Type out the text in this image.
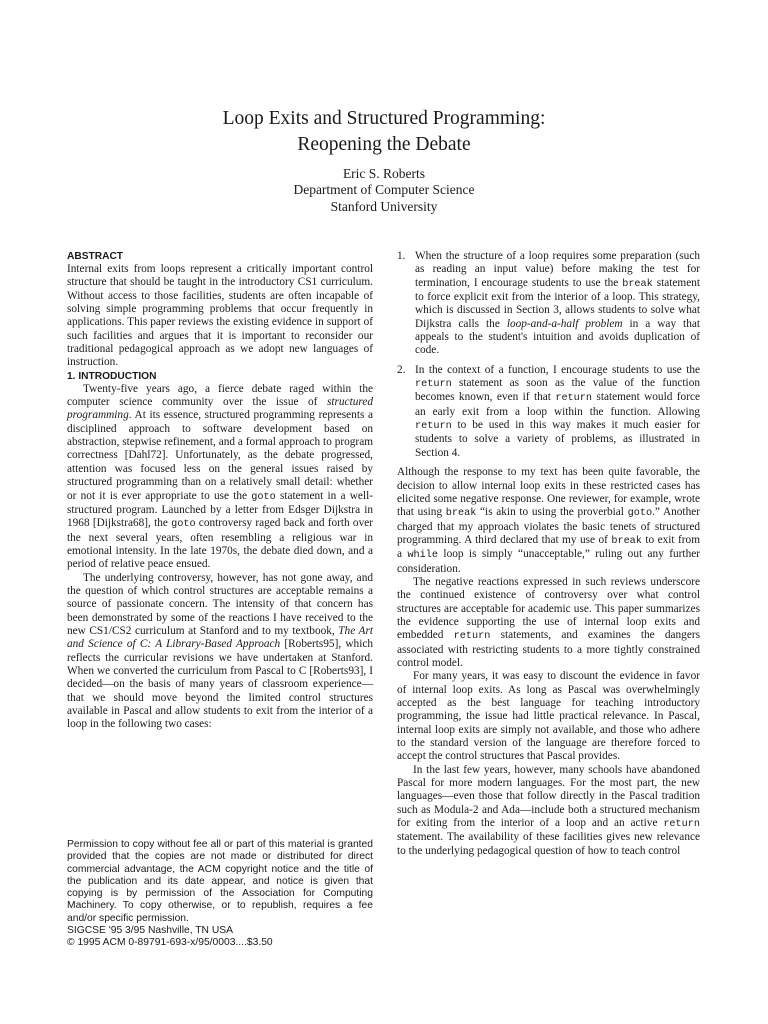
Loop Exits and Structured Programming:
Reopening the Debate
Eric S. Roberts
Department of Computer Science
Stanford University

ABSTRACT

Internal exits from loops represent a critically important control structure that should be taught in the introductory CS1 curriculum. Without access to those facilities, students are often incapable of solving simple programming problems that occur frequently in applications. This paper reviews the existing evidence in support of such facilities and argues that it is important to reconsider our traditional pedagogical approach as we adopt new languages of instruction.

1. INTRODUCTION

Twenty-five years ago, a fierce debate raged within the computer science community over the issue of structured programming. At its essence, structured programming represents a disciplined approach to software development based on abstraction, stepwise refinement, and a formal approach to program correctness [Dahl72]. Unfortunately, as the debate progressed, attention was focused less on the general issues raised by structured programming than on a relatively small detail: whether or not it is ever appropriate to use the goto statement in a well-structured program. Launched by a letter from Edsger Dijkstra in 1968 [Dijkstra68], the goto controversy raged back and forth over the next several years, often resembling a religious war in emotional intensity. In the late 1970s, the debate died down, and a period of relative peace ensued.

The underlying controversy, however, has not gone away, and the question of which control structures are acceptable remains a source of passionate concern. The intensity of that concern has been demonstrated by some of the reactions I have received to the new CS1/CS2 curriculum at Stanford and to my textbook, The Art and Science of C: A Library-Based Approach [Roberts95], which reflects the curricular revisions we have undertaken at Stanford. When we converted the curriculum from Pascal to C [Roberts93], I decided—on the basis of many years of classroom experience—that we should move beyond the limited control structures available in Pascal and allow students to exit from the interior of a loop in the following two cases:

Permission to copy without fee all or part of this material is granted provided that the copies are not made or distributed for direct commercial advantage, the ACM copyright notice and the title of the publication and its date appear, and notice is given that copying is by permission of the Association for Computing Machinery. To copy otherwise, or to republish, requires a fee and/or specific permission.

SIGCSE '95 3/95 Nashville, TN USA

© 1995 ACM 0-89791-693-x/95/0003....$3.50

1. When the structure of a loop requires some preparation (such as reading an input value) before making the test for termination, I encourage students to use the break statement to force explicit exit from the interior of a loop. This strategy, which is discussed in Section 3, allows students to solve what Dijkstra calls the loop-and-a-half problem in a way that appeals to the student's intuition and avoids duplication of code.
2. In the context of a function, I encourage students to use the return statement as soon as the value of the function becomes known, even if that return statement would force an early exit from a loop within the function. Allowing return to be used in this way makes it much easier for students to solve a variety of problems, as illustrated in Section 4.

Although the response to my text has been quite favorable, the decision to allow internal loop exits in these restricted cases has elicited some negative response. One reviewer, for example, wrote that using break “is akin to using the proverbial goto.” Another charged that my approach violates the basic tenets of structured programming. A third declared that my use of break to exit from a while loop is simply “unacceptable,” ruling out any further consideration.

The negative reactions expressed in such reviews underscore the continued existence of controversy over what control structures are acceptable for academic use. This paper summarizes the evidence supporting the use of internal loop exits and embedded return statements, and examines the dangers associated with restricting students to a more tightly constrained control model.

For many years, it was easy to discount the evidence in favor of internal loop exits. As long as Pascal was overwhelmingly accepted as the best language for teaching introductory programming, the issue had little practical relevance. In Pascal, internal loop exits are simply not available, and those who adhere to the standard version of the language are therefore forced to accept the control structures that Pascal provides.

In the last few years, however, many schools have abandoned Pascal for more modern languages. For the most part, the new languages—even those that follow directly in the Pascal tradition such as Modula-2 and Ada—include both a structured mechanism for exiting from the interior of a loop and an active return statement. The availability of these facilities gives new relevance to the underlying pedagogical question of how to teach control
